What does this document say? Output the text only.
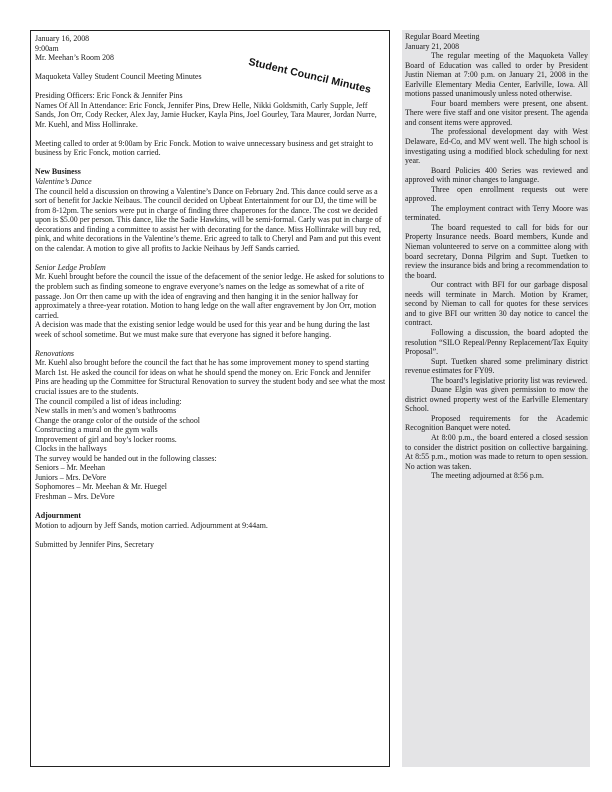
January 16, 2008

9:00am

Mr. Meehan’s Room 208

Maquoketa Valley Student Council Meeting Minutes

Presiding Officers: Eric Fonck & Jennifer Pins

Names Of All In Attendance: Eric Fonck, Jennifer Pins, Drew Helle, Nikki Goldsmith, Carly Supple, Jeff Sands, Jon Orr, Cody Recker, Alex Jay, Jamie Hucker, Kayla Pins, Joel Gourley, Tara Maurer, Jordan Nurre, Mr. Kuehl, and Miss Hollinrake.

Meeting called to order at 9:00am by Eric Fonck. Motion to waive unnecessary business and get straight to business by Eric Fonck, motion carried.

New Business

Valentine’s Dance

The council held a discussion on throwing a Valentine’s Dance on February 2nd. This dance could serve as a sort of benefit for Jackie Neibaus. The council decided on Upbeat Entertainment for our DJ, the time will be from 8-12pm. The seniors were put in charge of finding three chaperones for the dance. The cost we decided upon is $5.00 per person. This dance, like the Sadie Hawkins, will be semi-formal. Carly was put in charge of decorations and finding a committee to assist her with decorating for the dance. Miss Hollinrake will buy red, pink, and white decorations in the Valentine’s theme. Eric agreed to talk to Cheryl and Pam and put this event on the calendar. A motion to give all profits to Jackie Neihaus by Jeff Sands carried.

Senior Ledge Problem

Mr. Kuehl brought before the council the issue of the defacement of the senior ledge. He asked for solutions to the problem such as finding someone to engrave everyone’s names on the ledge as somewhat of a rite of passage. Jon Orr then came up with the idea of engraving and then hanging it in the senior hallway for approximately a three-year rotation. Motion to hang ledge on the wall after engravement by Jon Orr, motion carried.

A decision was made that the existing senior ledge would be used for this year and be hung during the last week of school sometime. But we must make sure that everyone has signed it before hanging.

Renovations

Mr. Kuehl also brought before the council the fact that he has some improvement money to spend starting March 1st. He asked the council for ideas on what he should spend the money on. Eric Fonck and Jennifer Pins are heading up the Committee for Structural Renovation to survey the student body and see what the most crucial issues are to the students.

The council compiled a list of ideas including:

New stalls in men’s and women’s bathrooms

Change the orange color of the outside of the school

Constructing a mural on the gym walls

Improvement of girl and boy’s locker rooms.

Clocks in the hallways

The survey would be handed out in the following classes:

Seniors – Mr. Meehan

Juniors – Mrs. DeVore

Sophomores – Mr. Meehan & Mr. Huegel

Freshman – Mrs. DeVore

Adjournment

Motion to adjourn by Jeff Sands, motion carried. Adjournment at 9:44am.

Submitted by Jennifer Pins, Secretary

Student Council Minutes

Regular Board Meeting

January 21, 2008

The regular meeting of the Maquoketa Valley Board of Education was called to order by President Justin Nieman at 7:00 p.m. on January 21, 2008 in the Earlville Elementary Media Center, Earlville, Iowa. All motions passed unanimously unless noted otherwise.

Four board members were present, one absent. There were five staff and one visitor present. The agenda and consent items were approved.

The professional development day with West Delaware, Ed-Co, and MV went well. The high school is investigating using a modified block scheduling for next year.

Board Policies 400 Series was reviewed and approved with minor changes to language.

Three open enrollment requests out were approved.

The employment contract with Terry Moore was terminated.

The board requested to call for bids for our Property Insurance needs. Board members, Kunde and Nieman volunteered to serve on a committee along with board secretary, Donna Pilgrim and Supt. Tuetken to review the insurance bids and bring a recommendation to the board.

Our contract with BFI for our garbage disposal needs will terminate in March. Motion by Kramer, second by Nieman to call for quotes for these services and to give BFI our written 30 day notice to cancel the contract.

Following a discussion, the board adopted the resolution “SILO Repeal/Penny Replacement/Tax Equity Proposal”.

Supt. Tuetken shared some preliminary district revenue estimates for FY09.

The board’s legislative priority list was reviewed.

Duane Elgin was given permission to mow the district owned property west of the Earlville Elementary School.

Proposed requirements for the Academic Recognition Banquet were noted.

At 8:00 p.m., the board entered a closed session to consider the district position on collective bargaining. At 8:55 p.m., motion was made to return to open session. No action was taken.

The meeting adjourned at 8:56 p.m.
